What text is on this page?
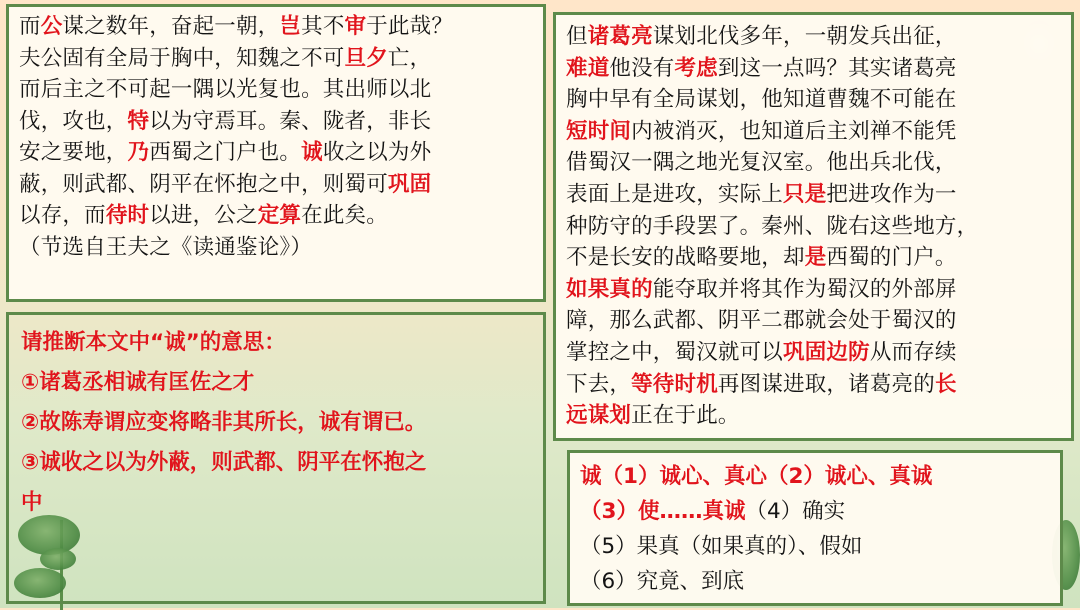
而公谋之数年，奋起一朝，岂其不审于此哉？
夫公固有全局于胸中，知魏之不可旦夕亡，
而后主之不可起一隅以光复也。其出师以北
伐，攻也，特以为守焉耳。秦、陇者，非长
安之要地，乃西蜀之门户也。诚收之以为外
蔽，则武都、阴平在怀抱之中，则蜀可巩固
以存，而待时以进，公之定算在此矣。
（节选自王夫之《读通鉴论》）
但诸葛亮谋划北伐多年，一朝发兵出征，
难道他没有考虑到这一点吗？其实诸葛亮
胸中早有全局谋划，他知道曹魏不可能在
短时间内被消灭，也知道后主刘禅不能凭
借蜀汉一隅之地光复汉室。他出兵北伐，
表面上是进攻，实际上只是把进攻作为一
种防守的手段罢了。秦州、陇右这些地方，
不是长安的战略要地，却是西蜀的门户。
如果真的能夺取并将其作为蜀汉的外部屏
障，那么武都、阴平二郡就会处于蜀汉的
掌控之中，蜀汉就可以巩固边防从而存续
下去，等待时机再图谋进取，诸葛亮的长
远谋划正在于此。
请推断本文中“诚”的意思：
①诸葛丞相诚有匡佐之才
②故陈寿谓应变将略非其所长，诚有谓已。
③诚收之以为外蔽，则武都、阴平在怀抱之
中
诚（1）诚心、真心（2）诚心、真诚
（3）使……真诚（4）确实
（5）果真（如果真的）、假如
（6）究竟、到底
